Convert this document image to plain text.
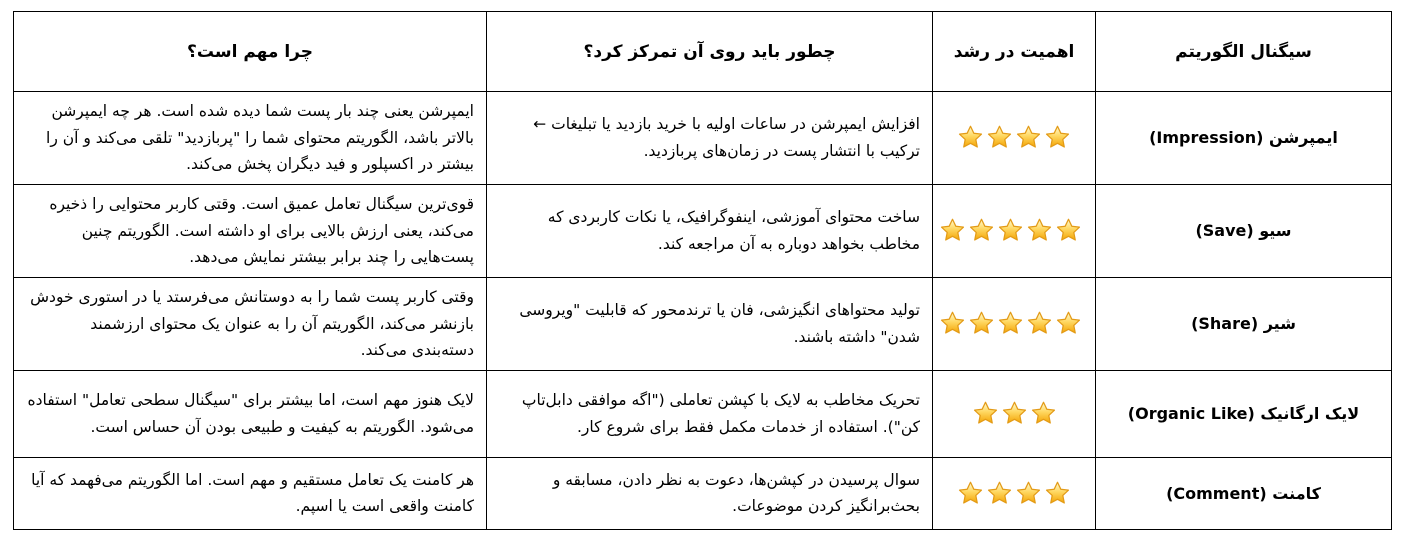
سیگنال الگوریتم	اهمیت در رشد	چطور باید روی آن تمرکز کرد؟	چرا مهم است؟
ایمپرشن (Impression)		افزایش ایمپرشن در ساعات اولیه با خرید بازدید یا تبلیغات ← ترکیب با انتشار پست در زمان‌های پربازدید.	ایمپرشن یعنی چند بار پست شما دیده شده است. هر چه ایمپرشن بالاتر باشد، الگوریتم محتوای شما را "پربازدید" تلقی می‌کند و آن را بیشتر در اکسپلور و فید دیگران پخش می‌کند.
سیو (Save)		ساخت محتوای آموزشی، اینفوگرافیک، یا نکات کاربردی که مخاطب بخواهد دوباره به آن مراجعه کند.	قوی‌ترین سیگنال تعامل عمیق است. وقتی کاربر محتوایی را ذخیره می‌کند، یعنی ارزش بالایی برای او داشته است. الگوریتم چنین پست‌هایی را چند برابر بیشتر نمایش می‌دهد.
شیر (Share)		تولید محتواهای انگیزشی، فان یا ترندمحور که قابلیت "ویروسی شدن" داشته باشند.	وقتی کاربر پست شما را به دوستانش می‌فرستد یا در استوری خودش بازنشر می‌کند، الگوریتم آن را به عنوان یک محتوای ارزشمند دسته‌بندی می‌کند.
لایک ارگانیک (Organic Like)		تحریک مخاطب به لایک با کپشن تعاملی ("اگه موافقی دابل‌تاپ کن"). استفاده از خدمات مکمل فقط برای شروع کار.	لایک هنوز مهم است، اما بیشتر برای "سیگنال سطحی تعامل" استفاده می‌شود. الگوریتم به کیفیت و طبیعی بودن آن حساس است.
کامنت (Comment)		سوال پرسیدن در کپشن‌ها، دعوت به نظر دادن، مسابقه و بحث‌برانگیز کردن موضوعات.	هر کامنت یک تعامل مستقیم و مهم است. اما الگوریتم می‌فهمد که آیا کامنت واقعی است یا اسپم.
